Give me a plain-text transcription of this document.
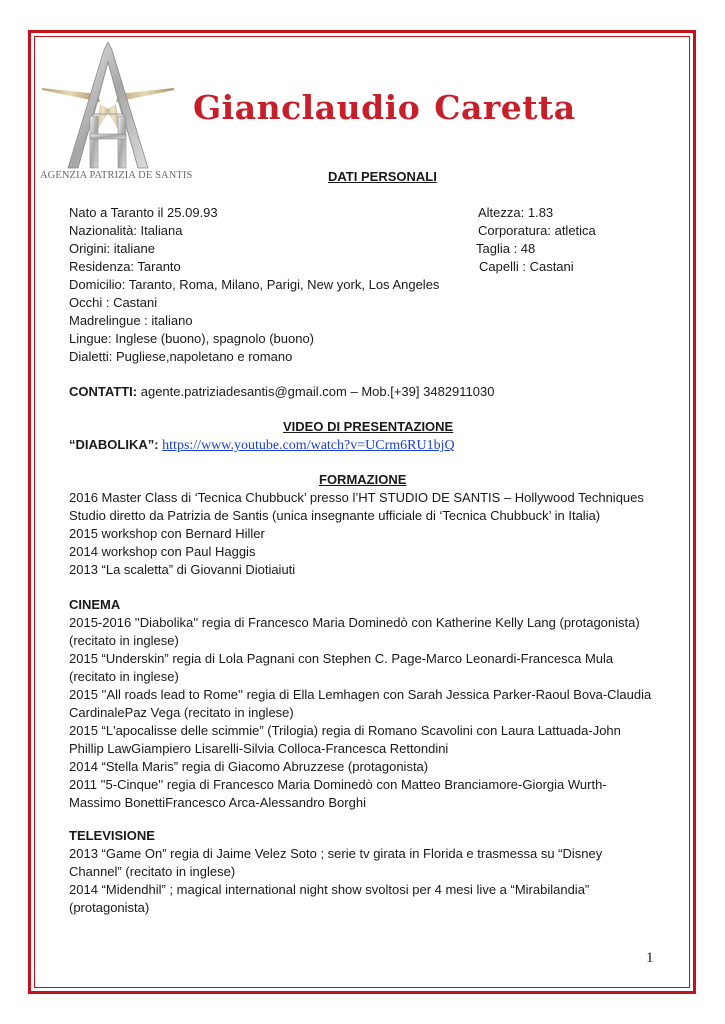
AGENZIA PATRIZIA DE SANTIS
Gianclaudio Caretta
DATI PERSONALI
Nato a Taranto il 25.09.93
Nazionalità: Italiana
Origini: italiane
Residenza: Taranto
Domicilio: Taranto, Roma, Milano, Parigi, New york, Los Angeles
Occhi : Castani
Madrelingue : italiano
Lingue: Inglese (buono), spagnolo (buono)
Dialetti: Pugliese,napoletano e romano
Altezza: 1.83
Corporatura: atletica
Taglia : 48
Capelli : Castani
CONTATTI: agente.patriziadesantis@gmail.com – Mob.[+39] 3482911030
VIDEO DI PRESENTAZIONE
“DIABOLIKA”: https://www.youtube.com/watch?v=UCrm6RU1bjQ
FORMAZIONE
2016 Master Class di ‘Tecnica Chubbuck’ presso l’HT STUDIO DE SANTIS – Hollywood Techniques
Studio diretto da Patrizia de Santis (unica insegnante ufficiale di ‘Tecnica Chubbuck’ in Italia)
2015 workshop con Bernard Hiller
2014 workshop con Paul Haggis
2013 “La scaletta” di Giovanni Diotiaiuti
CINEMA
2015-2016 ''Diabolika'' regia di Francesco Maria Dominedò con Katherine Kelly Lang (protagonista)
(recitato in inglese)
2015 “Underskin” regia di Lola Pagnani con Stephen C. Page-Marco Leonardi-Francesca Mula
(recitato in inglese)
2015 ''All roads lead to Rome'' regia di Ella Lemhagen con Sarah Jessica Parker-Raoul Bova-Claudia
CardinalePaz Vega (recitato in inglese)
2015 “L'apocalisse delle scimmie” (Trilogia) regia di Romano Scavolini con Laura Lattuada-John
Phillip LawGiampiero Lisarelli-Silvia Colloca-Francesca Rettondini
2014 “Stella Maris” regia di Giacomo Abruzzese (protagonista)
2011 ''5-Cinque'' regia di Francesco Maria Dominedò con Matteo Branciamore-Giorgia Wurth-
Massimo BonettiFrancesco Arca-Alessandro Borghi
TELEVISIONE
2013 “Game On” regia di Jaime Velez Soto ; serie tv girata in Florida e trasmessa su “Disney
Channel” (recitato in inglese)
2014 “Midendhil” ; magical international night show svoltosi per 4 mesi live a “Mirabilandia”
(protagonista)
1
